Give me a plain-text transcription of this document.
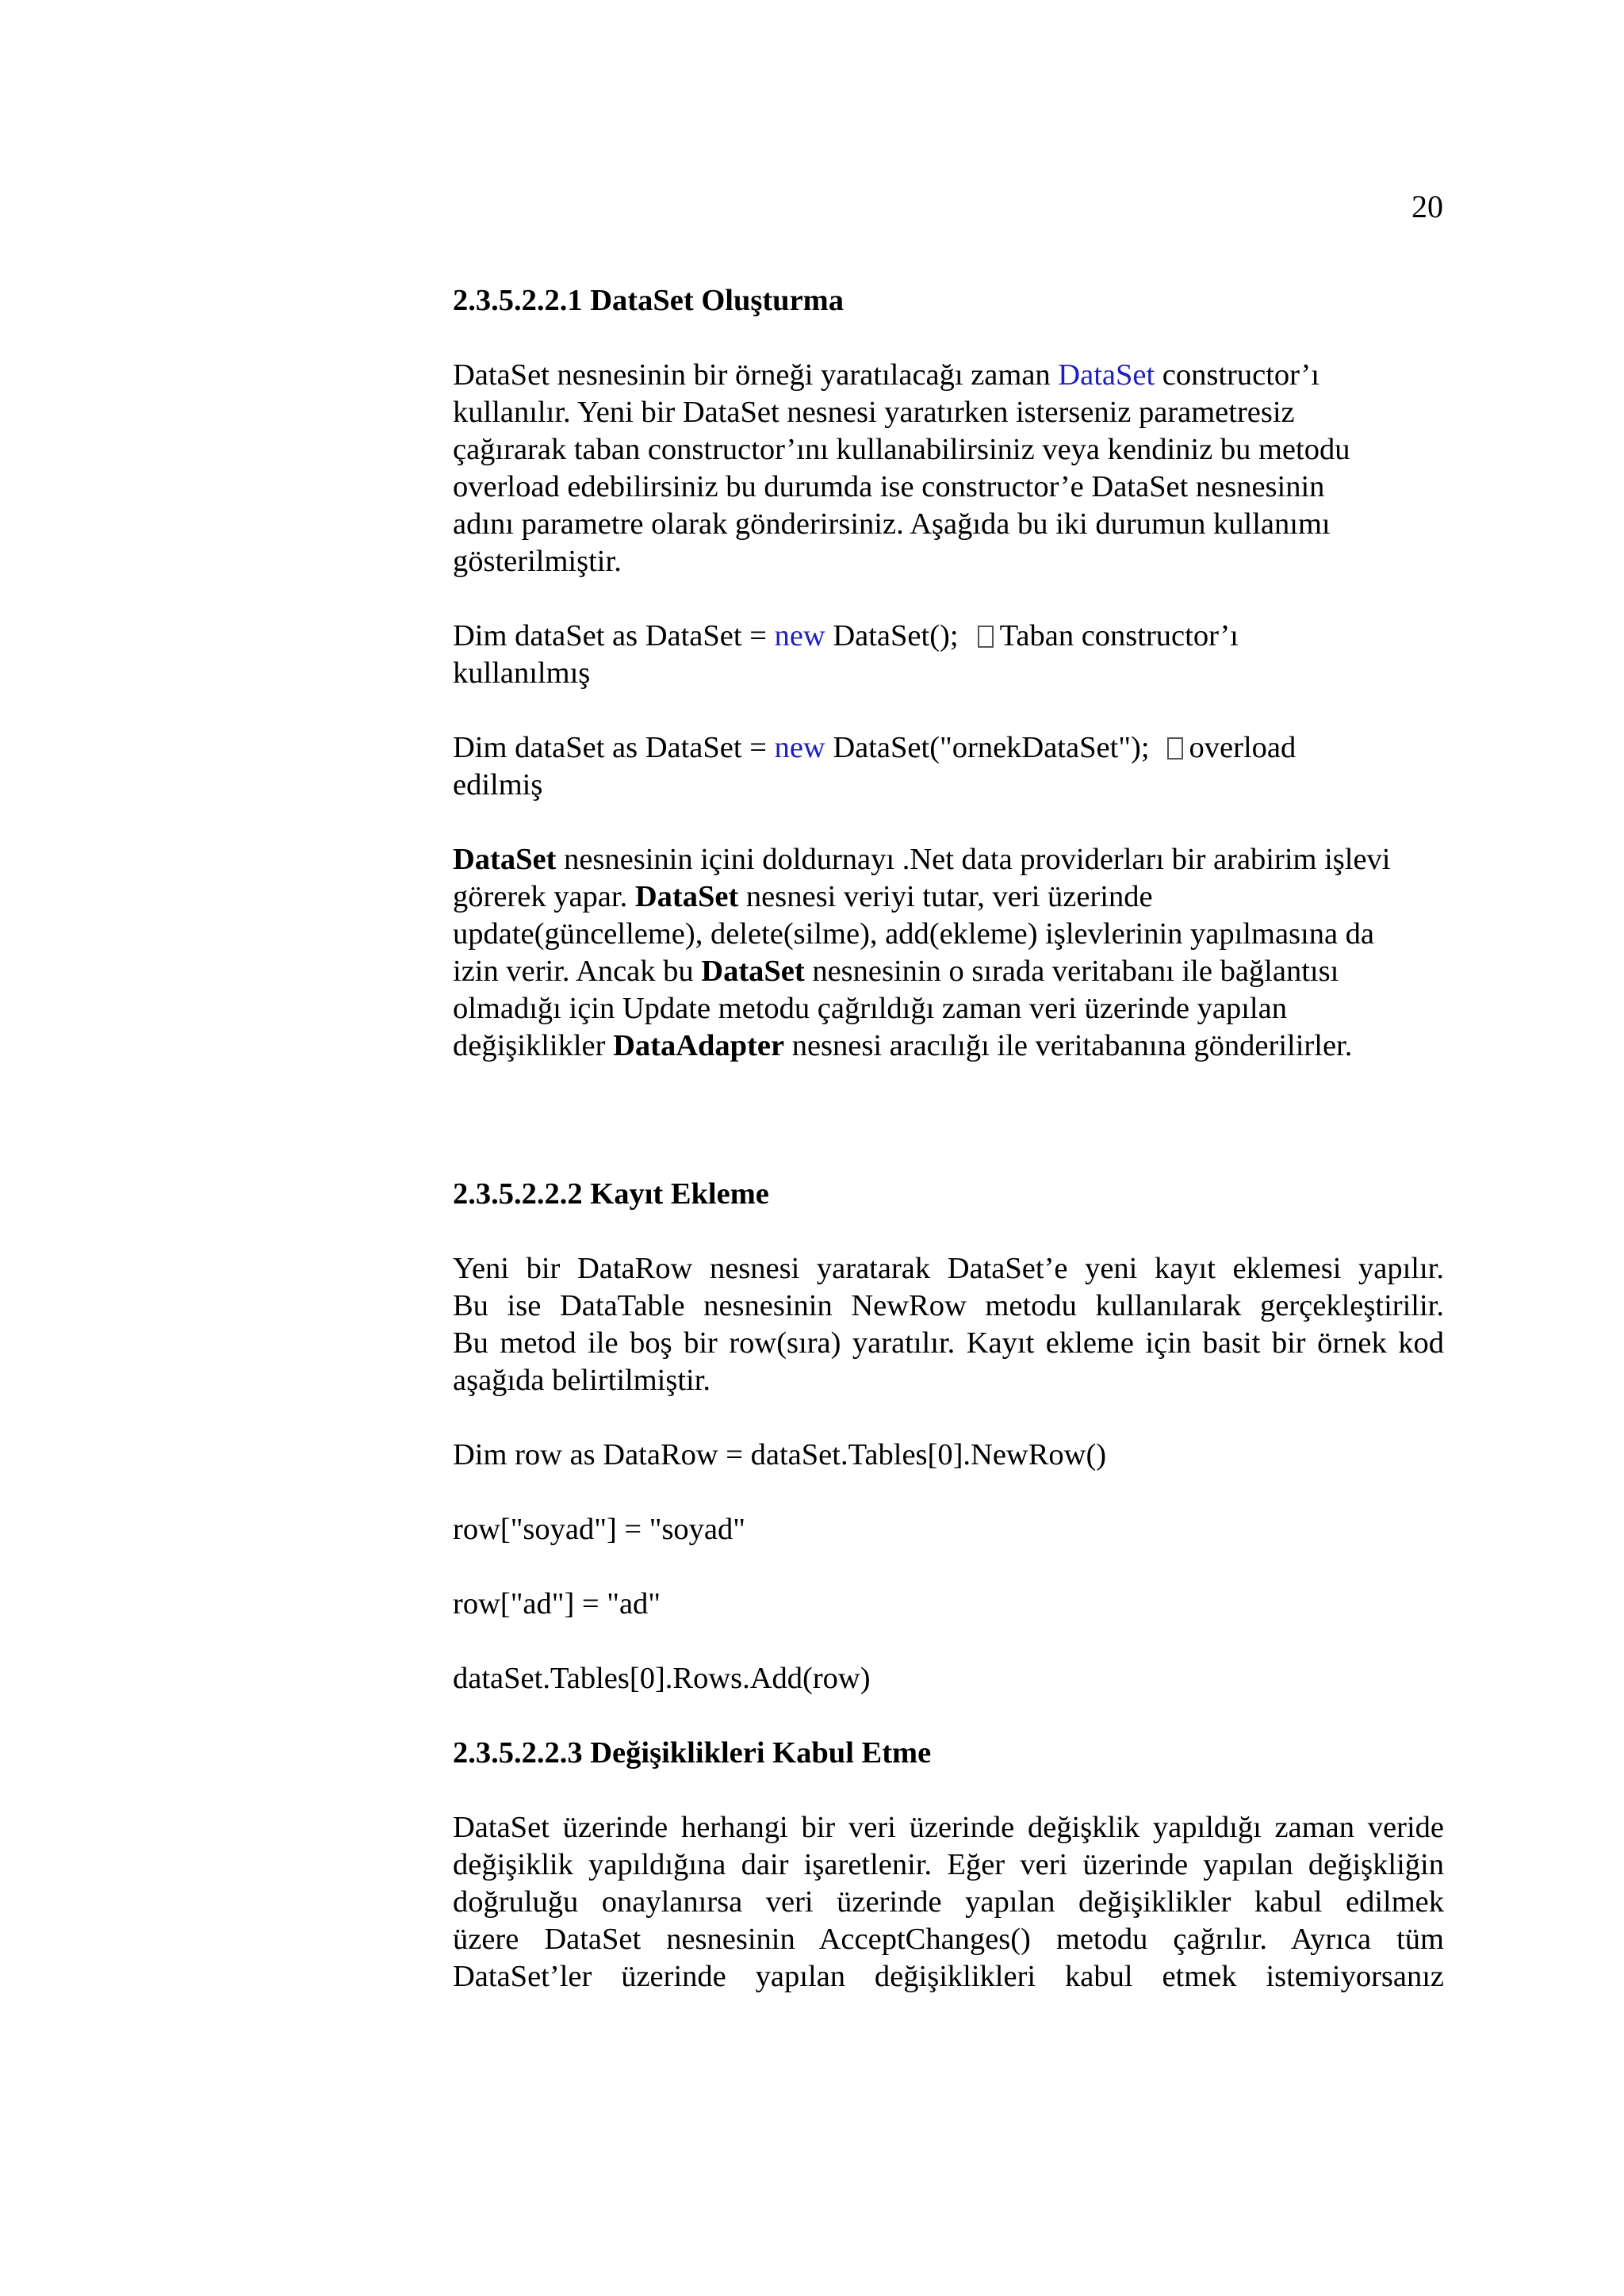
20

2.3.5.2.2.1 DataSet Oluşturma

DataSet nesnesinin bir örneği yaratılacağı zaman DataSet constructor’ı
kullanılır. Yeni bir DataSet nesnesi yaratırken isterseniz parametresiz
çağırarak taban constructor’ını kullanabilirsiniz veya kendiniz bu metodu
overload edebilirsiniz bu durumda ise constructor’e DataSet nesnesinin
adını parametre olarak gönderirsiniz. Aşağıda bu iki durumun kullanımı
gösterilmiştir.

Dim dataSet as DataSet = new DataSet(); Taban constructor’ı
kullanılmış

Dim dataSet as DataSet = new DataSet("ornekDataSet"); overload
edilmiş

DataSet nesnesinin içini doldurnayı .Net data providerları bir arabirim işlevi
görerek yapar. DataSet nesnesi veriyi tutar, veri üzerinde
update(güncelleme), delete(silme), add(ekleme) işlevlerinin yapılmasına da
izin verir. Ancak bu DataSet nesnesinin o sırada veritabanı ile bağlantısı
olmadığı için Update metodu çağrıldığı zaman veri üzerinde yapılan
değişiklikler DataAdapter nesnesi aracılığı ile veritabanına gönderilirler.

2.3.5.2.2.2 Kayıt Ekleme

Yeni bir DataRow nesnesi yaratarak DataSet’e yeni kayıt eklemesi yapılır.
Bu ise DataTable nesnesinin NewRow metodu kullanılarak gerçekleştirilir.
Bu metod ile boş bir row(sıra) yaratılır. Kayıt ekleme için basit bir örnek kod
aşağıda belirtilmiştir.

Dim row as DataRow = dataSet.Tables[0].NewRow()

row["soyad"] = "soyad"

row["ad"] = "ad"

dataSet.Tables[0].Rows.Add(row)

2.3.5.2.2.3 Değişiklikleri Kabul Etme

DataSet üzerinde herhangi bir veri üzerinde değişklik yapıldığı zaman veride
değişiklik yapıldığına dair işaretlenir. Eğer veri üzerinde yapılan değişkliğin
doğruluğu onaylanırsa veri üzerinde yapılan değişiklikler kabul edilmek
üzere DataSet nesnesinin AcceptChanges() metodu çağrılır. Ayrıca tüm
DataSet’ler üzerinde yapılan değişiklikleri kabul etmek istemiyorsanız
